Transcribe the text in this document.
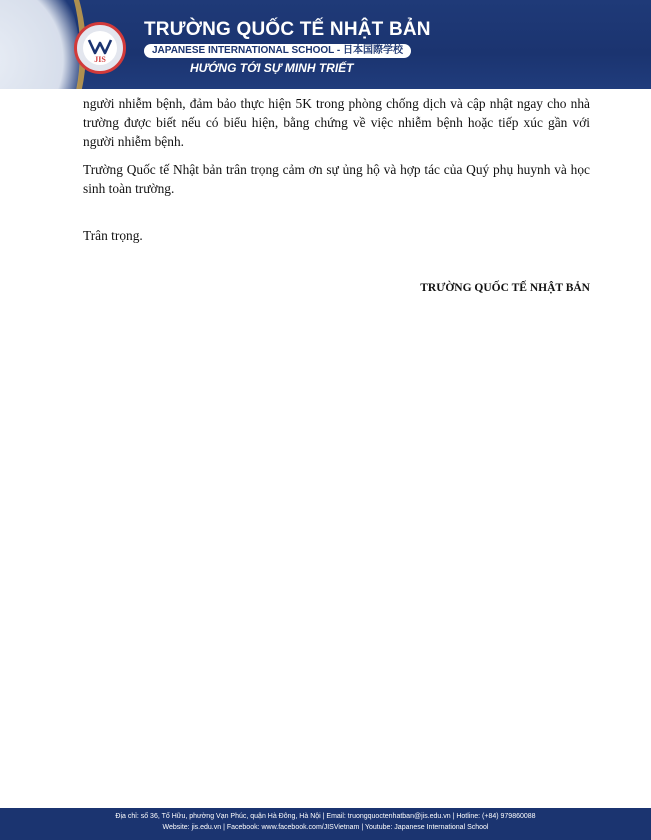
JIS
TRƯỜNG QUỐC TẾ NHẬT BẢN
JAPANESE INTERNATIONAL SCHOOL - 日本国際学校
HƯỚNG TỚI SỰ MINH TRIẾT

người nhiễm bệnh, đảm bảo thực hiện 5K trong phòng chống dịch và cập nhật ngay cho nhà trường được biết nếu có biểu hiện, bằng chứng về việc nhiễm bệnh hoặc tiếp xúc gần với người nhiễm bệnh.

Trường Quốc tế Nhật bản trân trọng cảm ơn sự ủng hộ và hợp tác của Quý phụ huynh và học sinh toàn trường.

Trân trọng.
TRƯỜNG QUỐC TẾ NHẬT BẢN
Địa chỉ: số 36, Tố Hữu, phường Vạn Phúc, quận Hà Đông, Hà Nội | Email: truongquoctenhatban@jis.edu.vn | Hotline: (+84) 979860088
Website: jis.edu.vn | Facebook: www.facebook.com/JISVietnam | Youtube: Japanese International School
